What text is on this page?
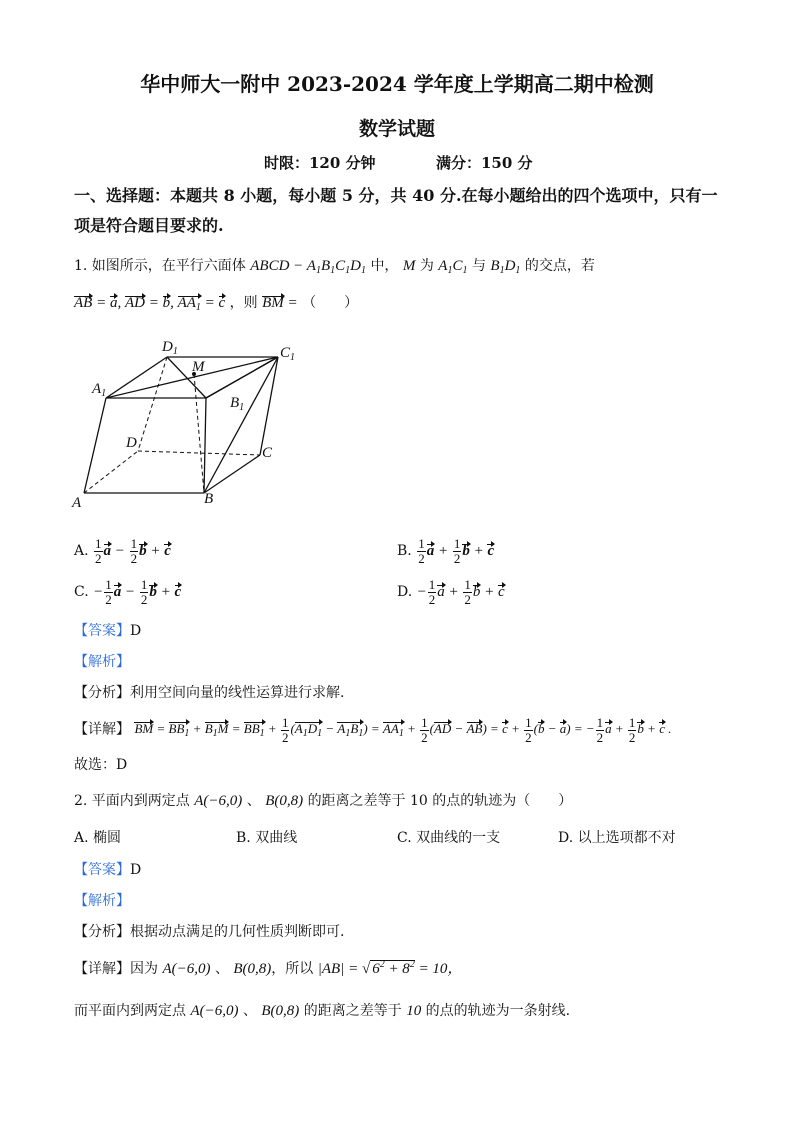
华中师大一附中 2023-2024 学年度上学期高二期中检测
数学试题
时限：120 分钟	满分：150 分
一、选择题：本题共 8 小题，每小题 5 分，共 40 分.在每小题给出的四个选项中，只有一项是符合题目要求的.
1. 如图所示，在平行六面体 ABCD − $A_1B_1C_1D_1$ 中， M 为 $A_1C_1$ 与 $B_1D_1$ 的交点，若
AB = a, AD = b, $AA_1 = c$ ，则 BM = （　　）
$D_1$	$C_1$
M
$A_1$
$B_1$
D
C
A	B
A. $\frac{1}{2}$ $a - \frac{1}{2}$ b + c	B. $\frac{1}{2}$ $a + \frac{1}{2}$ b + c
C. − $\frac{1}{2}$ $a - \frac{1}{2}$ b + c	D. − $\frac{1}{2}$ $a + \frac{1}{2}$ b + c
【答案】D
【解析】
【分析】利用空间向量的线性运算进行求解.
【详解】 BM = $BB_1 + B_1M = BB_1 + \frac{1}{2} (A_1D_1 - A_1B_1) = AA_1 + \frac{1}{2} (AD - AB) = c + \frac{1}{2} (b - a)$ = − $\frac{1}{2}$ $a + \frac{1}{2}$ b + c .
故选：D
2. 平面内到两定点 A(−6,0) 、 B(0,8) 的距离之差等于 10 的点的轨迹为（　　）
A. 椭圆	B. 双曲线	C. 双曲线的一支	D. 以上选项都不对
【答案】D
【解析】
【分析】根据动点满足的几何性质判断即可.
【详解】因为 A(−6,0) 、 B(0,8)，所以 |AB| = √ $6^2 + 8^2 = 10$，
而平面内到两定点 A(−6,0) 、 B(0,8) 的距离之差等于 10 的点的轨迹为一条射线.
